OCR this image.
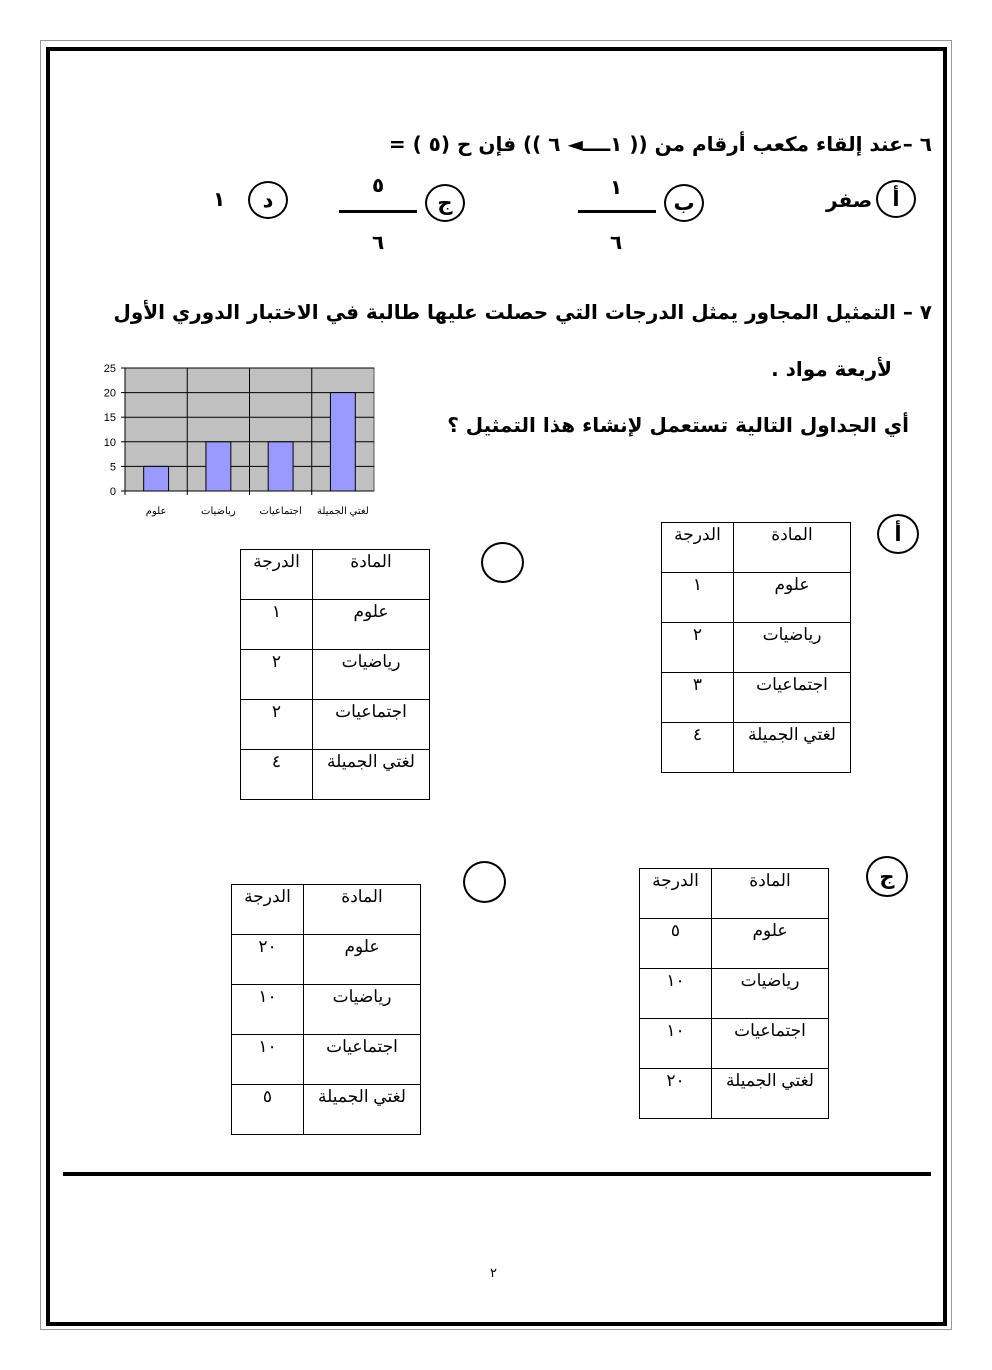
٦ –عند إلقاء مكعب أرقام من (( ١ــــ◄ ٦ )) فإن ح (٥ ) =
أ
صفر
ب
١
٦
ج
٥
٦
د
١
٧ – التمثيل المجاور يمثل الدرجات التي حصلت عليها طالبة في الاختبار الدوري الأول
لأربعة مواد .
أي الجداول التالية تستعمل لإنشاء هذا التمثيل ؟
0
5
10
15
20
25
علوم	رياضيات اجتماعيات لغتي الجميلة
أ
المادة	الدرجة
علوم	١
رياضيات	٢
اجتماعيات	٣
لغتي الجميلة	٤
المادة	الدرجة
علوم	١
رياضيات	٢
اجتماعيات	٢
لغتي الجميلة	٤
ج
المادة	الدرجة
علوم	٥
رياضيات	١٠
اجتماعيات	١٠
لغتي الجميلة	٢٠
المادة	الدرجة
علوم	٢٠
رياضيات	١٠
اجتماعيات	١٠
لغتي الجميلة	٥
٢
